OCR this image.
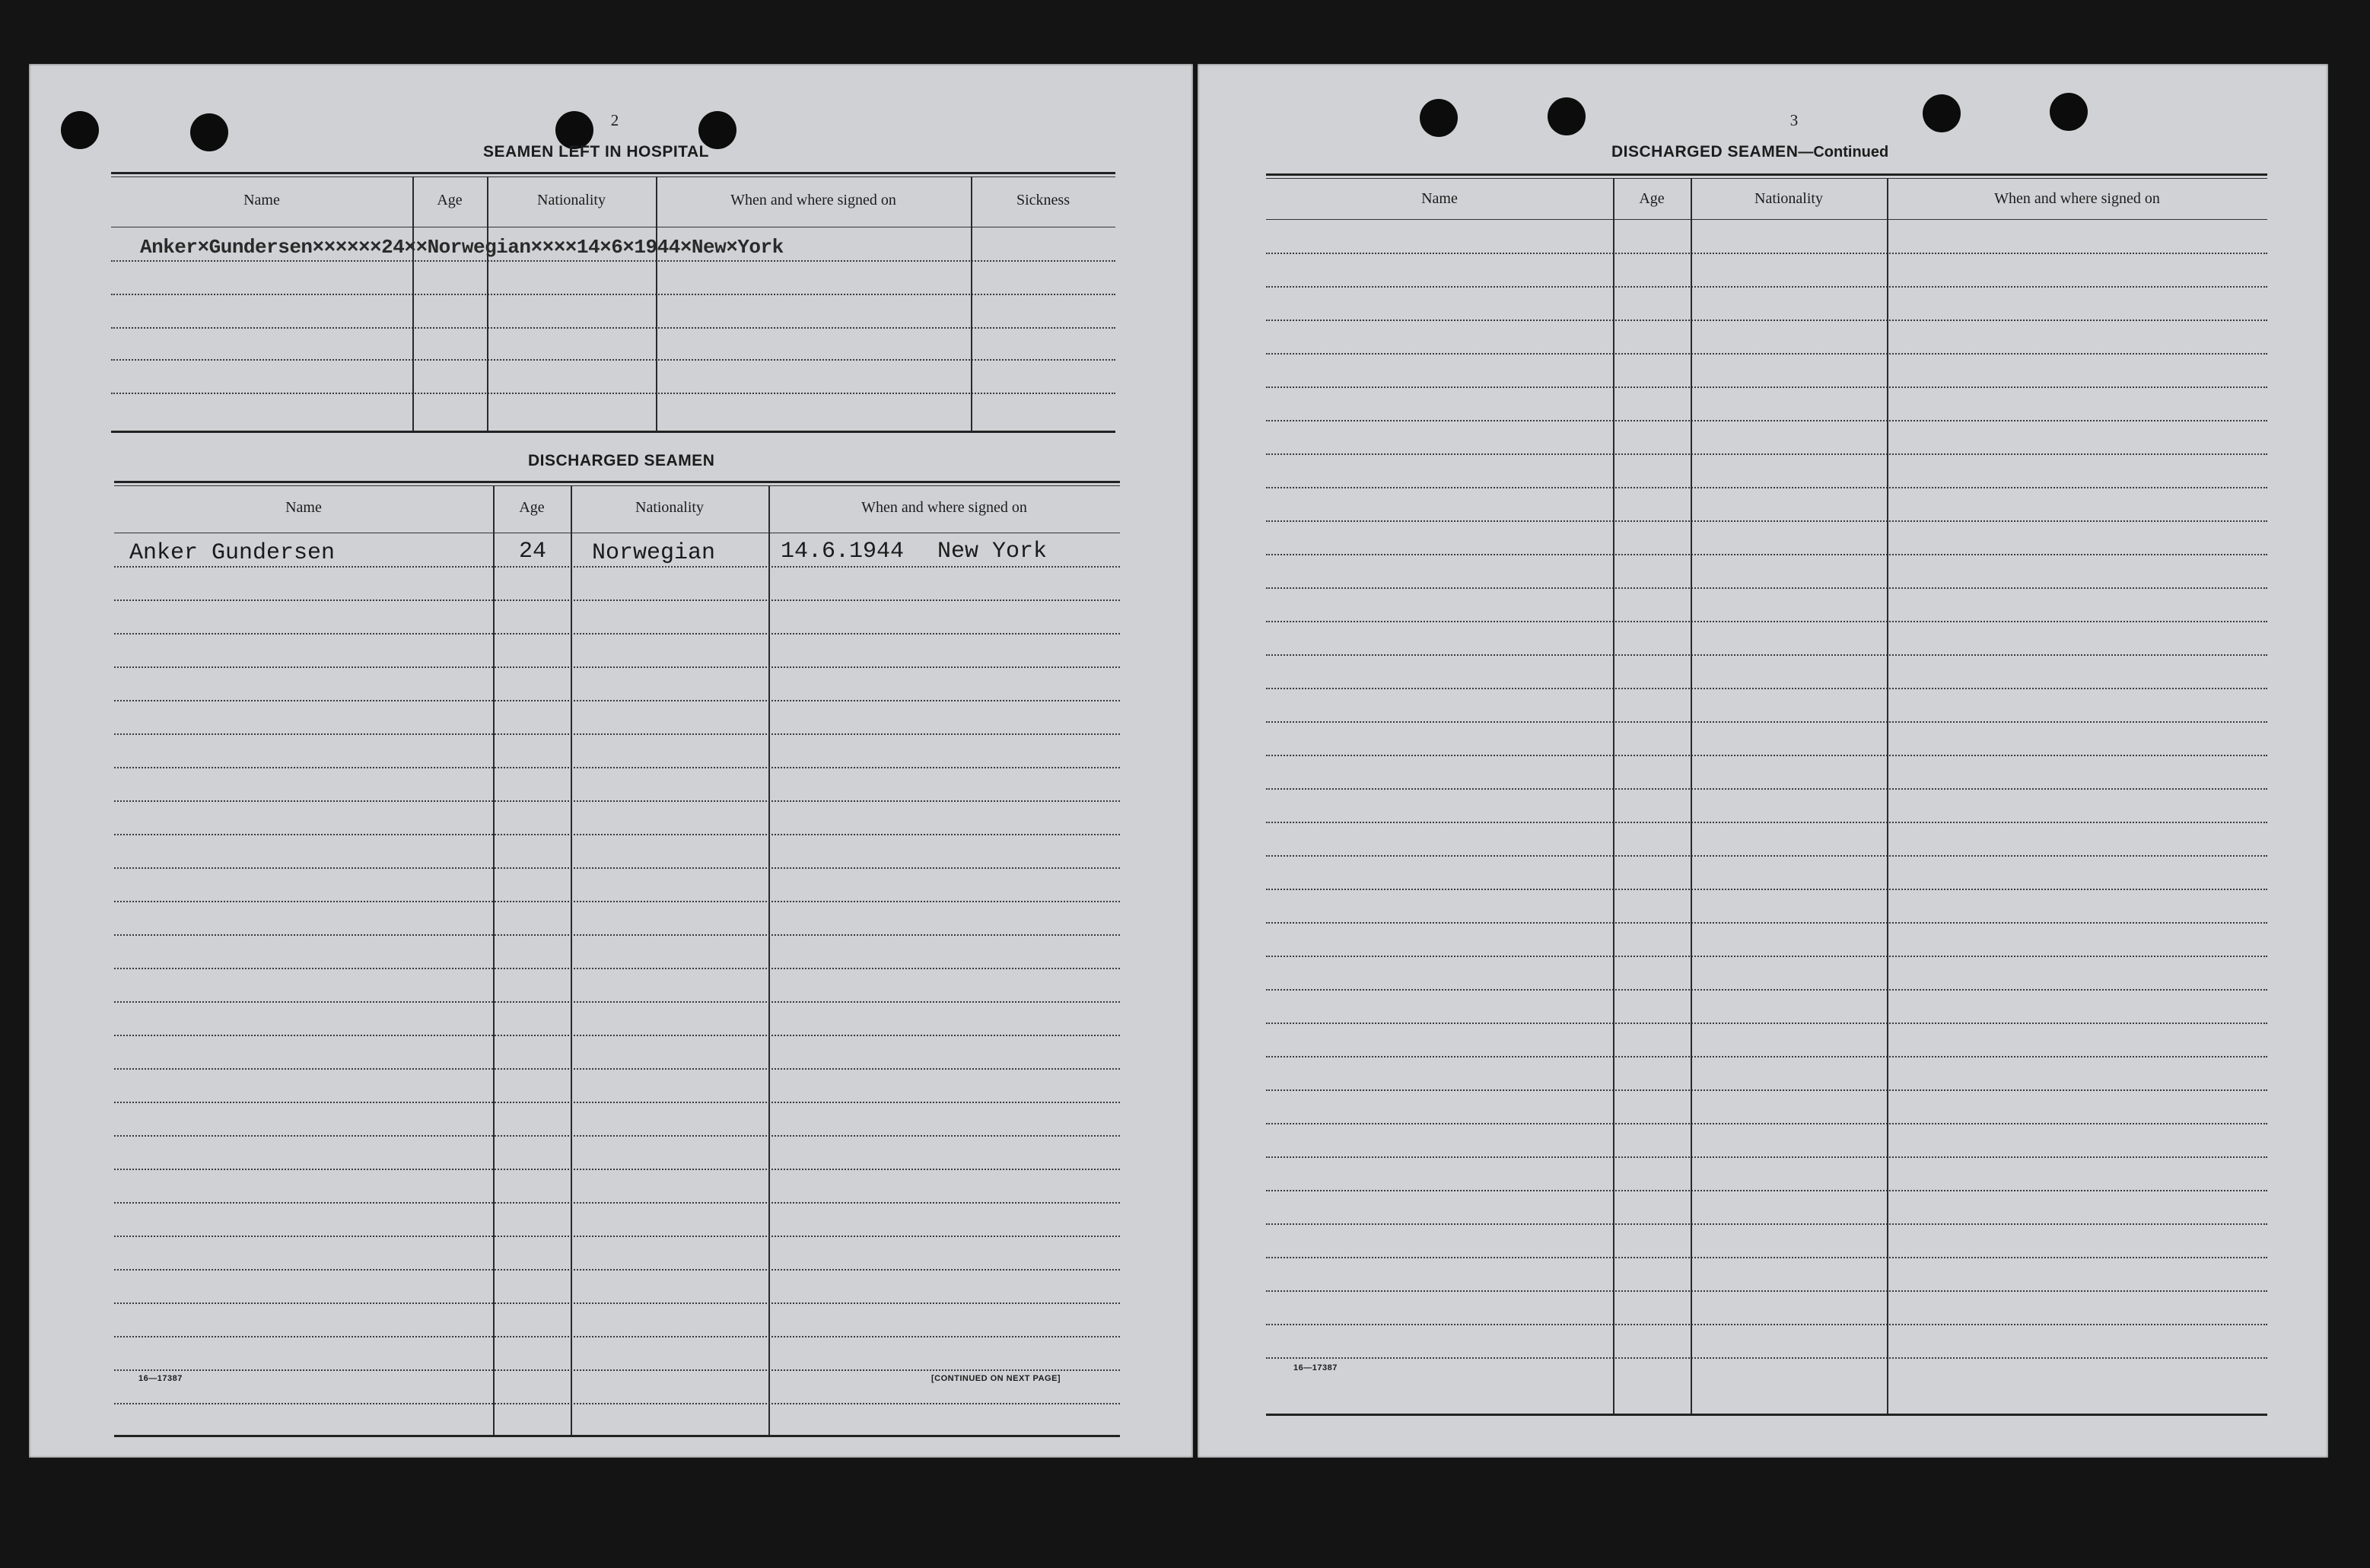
2
SEAMEN LEFT IN HOSPITAL
Name	Age	Nationality	When and where signed on	Sickness
Anker×Gundersen××××××24××Norwegian××××14×6×1944×New×York
DISCHARGED SEAMEN
Name	Age	Nationality	When and where signed on
Anker Gundersen	24 Norwegian	14.6.1944 New York
16—17387	[CONTINUED ON NEXT PAGE]
3
DISCHARGED SEAMEN—Continued
Name	Age	Nationality	When and where signed on
16—17387
